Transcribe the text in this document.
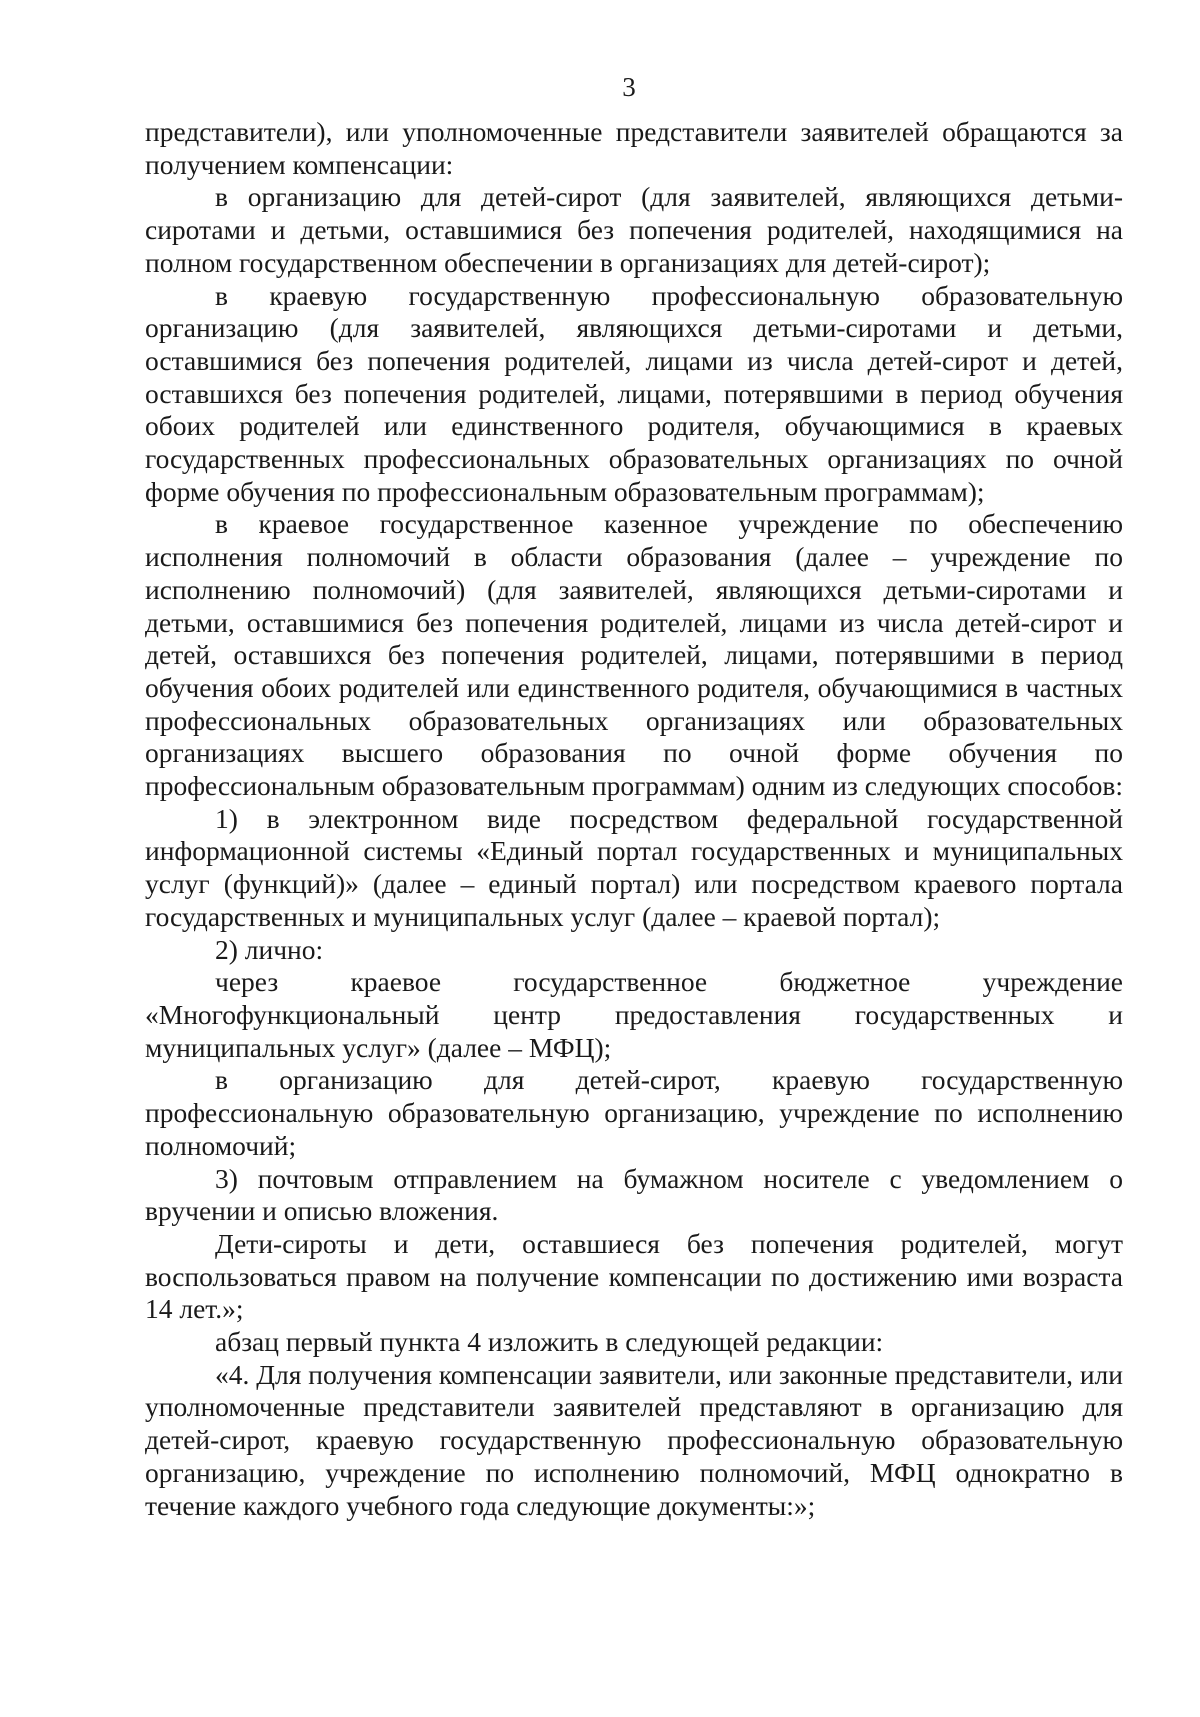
3

представители), или уполномоченные представители заявителей обращаются за получением компенсации:

в организацию для детей-сирот (для заявителей, являющихся детьми-сиротами и детьми, оставшимися без попечения родителей, находящимися на полном государственном обеспечении в организациях для детей-сирот);

в краевую государственную профессиональную образовательную организацию (для заявителей, являющихся детьми-сиротами и детьми, оставшимися без попечения родителей, лицами из числа детей-сирот и детей, оставшихся без попечения родителей, лицами, потерявшими в период обучения обоих родителей или единственного родителя, обучающимися в краевых государственных профессиональных образовательных организациях по очной форме обучения по профессиональным образовательным программам);

в краевое государственное казенное учреждение по обеспечению исполнения полномочий в области образования (далее – учреждение по исполнению полномочий) (для заявителей, являющихся детьми-сиротами и детьми, оставшимися без попечения родителей, лицами из числа детей-сирот и детей, оставшихся без попечения родителей, лицами, потерявшими в период обучения обоих родителей или единственного родителя, обучающимися в частных профессиональных образовательных организациях или образовательных организациях высшего образования по очной форме обучения по профессиональным образовательным программам) одним из следующих способов:

1) в электронном виде посредством федеральной государственной информационной системы «Единый портал государственных и муниципальных услуг (функций)» (далее – единый портал) или посредством краевого портала государственных и муниципальных услуг (далее – краевой портал);

2) лично:

через краевое государственное бюджетное учреждение «Многофункциональный центр предоставления государственных и муниципальных услуг» (далее – МФЦ);

в организацию для детей-сирот, краевую государственную профессиональную образовательную организацию, учреждение по исполнению полномочий;

3) почтовым отправлением на бумажном носителе с уведомлением о вручении и описью вложения.

Дети-сироты и дети, оставшиеся без попечения родителей, могут воспользоваться правом на получение компенсации по достижению ими возраста 14 лет.»;

абзац первый пункта 4 изложить в следующей редакции:

«4. Для получения компенсации заявители, или законные представители, или уполномоченные представители заявителей представляют в организацию для детей-сирот, краевую государственную профессиональную образовательную организацию, учреждение по исполнению полномочий, МФЦ однократно в течение каждого учебного года следующие документы:»;
